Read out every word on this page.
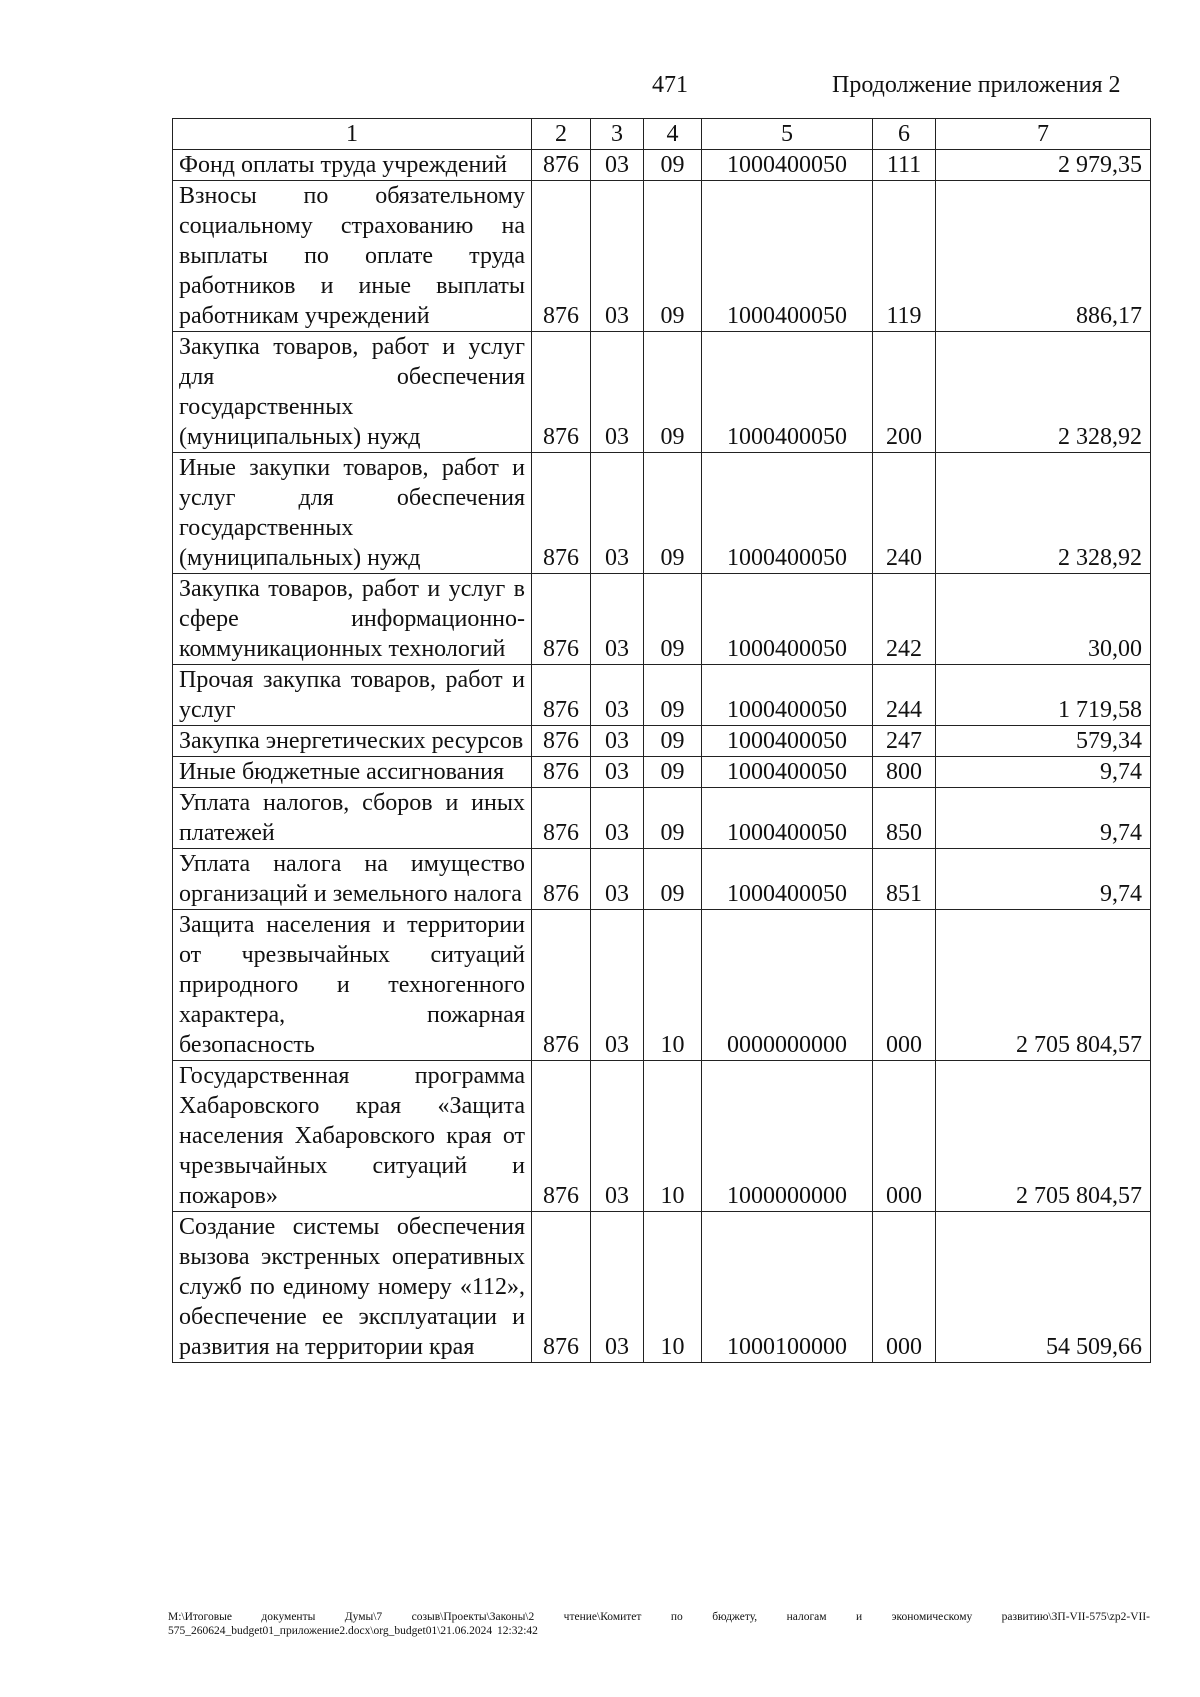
471	Продолжение приложения 2
1	2	3	4	5	6	7
Фонд оплаты труда учреждений	876	03	09	1000400050	111	2 979,35
Взносы по обязательному социальному страхованию на выплаты по оплате труда работников и иные выплаты работникам учреждений	876	03	09	1000400050	119	886,17
Закупка товаров, работ и услуг для обеспечения государственных (муниципальных) нужд	876	03	09	1000400050	200	2 328,92
Иные закупки товаров, работ и услуг для обеспечения государственных (муниципальных) нужд	876	03	09	1000400050	240	2 328,92
Закупка товаров, работ и услуг в сфере информационно-коммуникационных технологий	876	03	09	1000400050	242	30,00
Прочая закупка товаров, работ и услуг	876	03	09	1000400050	244	1 719,58
Закупка энергетических ресурсов	876	03	09	1000400050	247	579,34
Иные бюджетные ассигнования	876	03	09	1000400050	800	9,74
Уплата налогов, сборов и иных платежей	876	03	09	1000400050	850	9,74
Уплата налога на имущество организаций и земельного налога	876	03	09	1000400050	851	9,74
Защита населения и территории от чрезвычайных ситуаций природного и техногенного характера, пожарная безопасность	876	03	10	0000000000	000	2 705 804,57
Государственная программа Хабаровского края «Защита населения Хабаровского края от чрезвычайных ситуаций и пожаров»	876	03	10	1000000000	000	2 705 804,57
Создание системы обеспечения вызова экстренных оперативных служб по единому номеру «112», обеспечение ее эксплуатации и развития на территории края	876	03	10	1000100000	000	54 509,66
M:\Итоговые документы Думы\7 созыв\Проекты\Законы\2 чтение\Комитет по бюджету, налогам и экономическому развитию\ЗП-VII-575\zp2-VII-575_260624_budget01_приложение2.docx\org_budget01\21.06.2024 12:32:42
